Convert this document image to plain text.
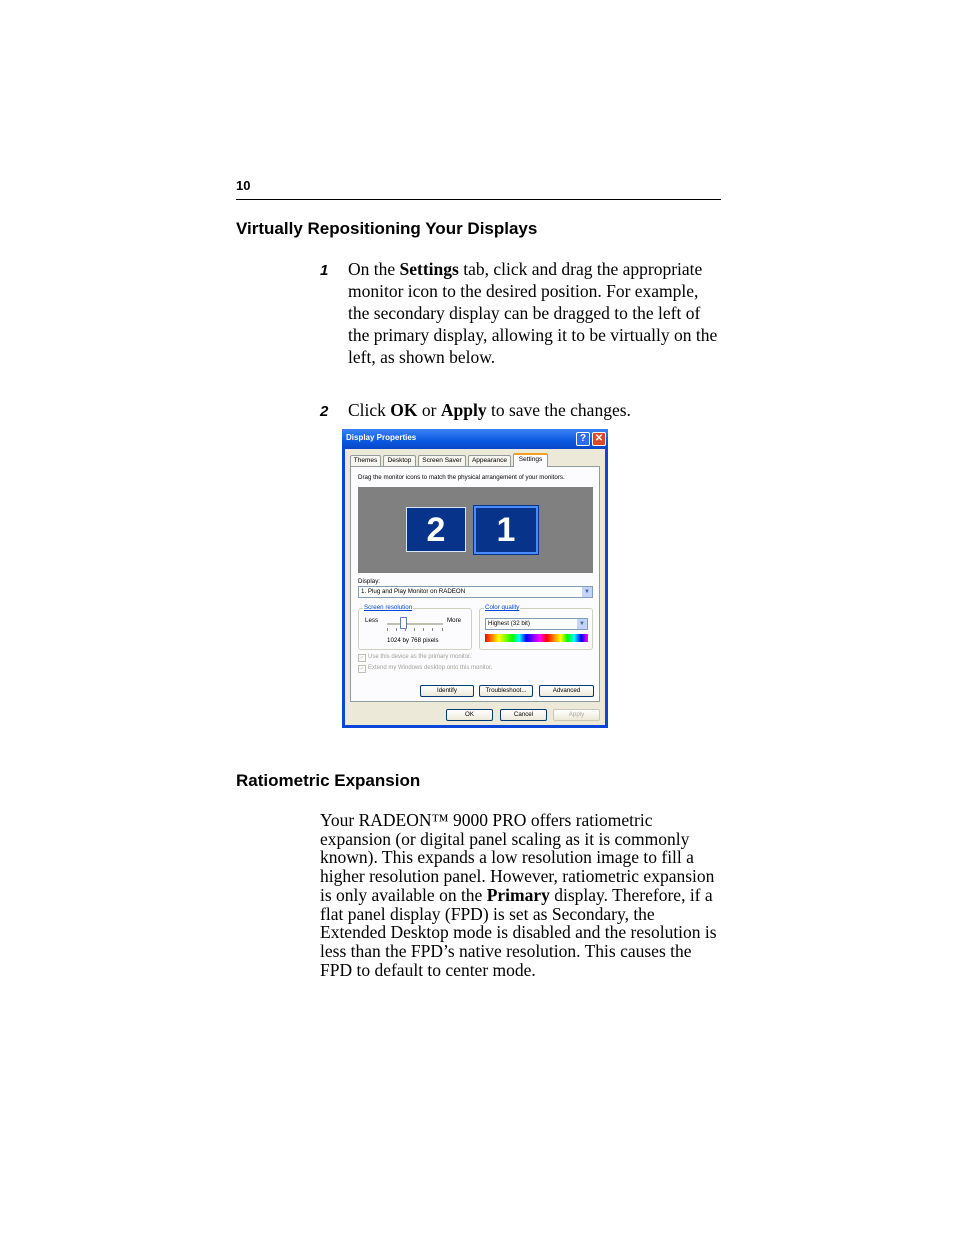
10
Virtually Repositioning Your Displays
1 On the Settings tab, click and drag the appropriate monitor icon to the desired position. For example, the secondary display can be dragged to the left of the primary display, allowing it to be virtually on the left, as shown below.
2 Click OK or Apply to save the changes.
Display Properties	? ✕
Themes	Desktop	Screen Saver	Appearance	Settings
Drag the monitor icons to match the physical arrangement of your monitors.
2	1
Display:
1. Plug and Play Monitor on RADEON	▼
Screen resolution
Less	More
1024 by 768 pixels
Color quality
Highest (32 bit)	▼
✓ Use this device as the primary monitor.
✓ Extend my Windows desktop onto this monitor.
Identify	Troubleshoot...	Advanced
OK	Cancel	Apply
Ratiometric Expansion
Your RADEON™ 9000 PRO offers ratiometric expansion (or digital panel scaling as it is commonly known). This expands a low resolution image to fill a higher resolution panel. However, ratiometric expansion is only available on the Primary display. Therefore, if a flat panel display (FPD) is set as Secondary, the Extended Desktop mode is disabled and the resolution is less than the FPD’s native resolution. This causes the FPD to default to center mode.
